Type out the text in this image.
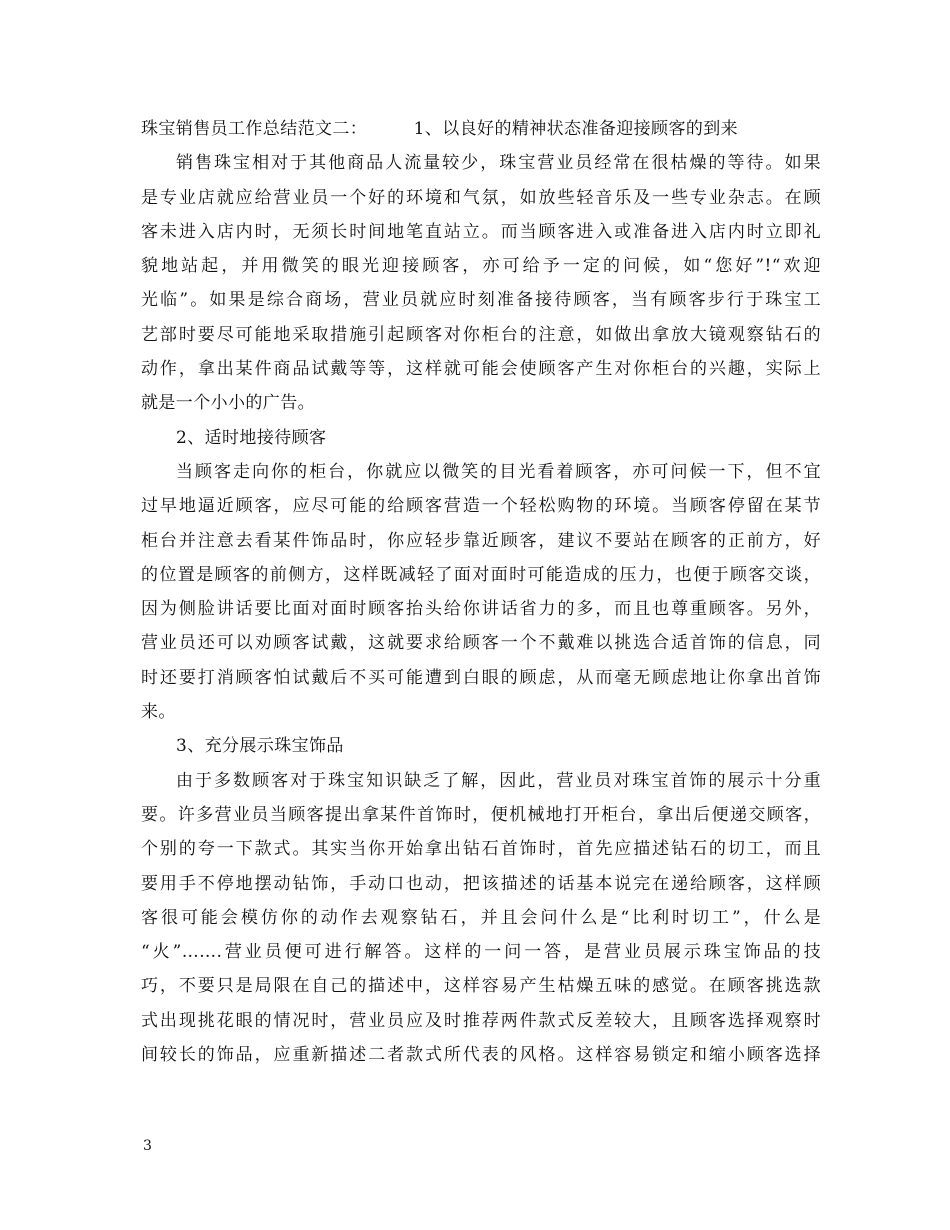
珠宝销售员工作总结范文二：        1、以良好的精神状态准备迎接顾客的到来
销售珠宝相对于其他商品人流量较少，珠宝营业员经常在很枯燥的等待。如果
是专业店就应给营业员一个好的环境和气氛，如放些轻音乐及一些专业杂志。在顾
客未进入店内时，无须长时间地笔直站立。而当顾客进入或准备进入店内时立即礼
貌地站起，并用微笑的眼光迎接顾客，亦可给予一定的问候，如“您好”!“欢迎
光临”。如果是综合商场，营业员就应时刻准备接待顾客，当有顾客步行于珠宝工
艺部时要尽可能地采取措施引起顾客对你柜台的注意，如做出拿放大镜观察钻石的
动作，拿出某件商品试戴等等，这样就可能会使顾客产生对你柜台的兴趣，实际上
就是一个小小的广告。
2、适时地接待顾客
当顾客走向你的柜台，你就应以微笑的目光看着顾客，亦可问候一下，但不宜
过早地逼近顾客，应尽可能的给顾客营造一个轻松购物的环境。当顾客停留在某节
柜台并注意去看某件饰品时，你应轻步靠近顾客，建议不要站在顾客的正前方，好
的位置是顾客的前侧方，这样既减轻了面对面时可能造成的压力，也便于顾客交谈，
因为侧脸讲话要比面对面时顾客抬头给你讲话省力的多，而且也尊重顾客。另外，
营业员还可以劝顾客试戴，这就要求给顾客一个不戴难以挑选合适首饰的信息，同
时还要打消顾客怕试戴后不买可能遭到白眼的顾虑，从而毫无顾虑地让你拿出首饰
来。
3、充分展示珠宝饰品
由于多数顾客对于珠宝知识缺乏了解，因此，营业员对珠宝首饰的展示十分重
要。许多营业员当顾客提出拿某件首饰时，便机械地打开柜台，拿出后便递交顾客，
个别的夸一下款式。其实当你开始拿出钻石首饰时，首先应描述钻石的切工，而且
要用手不停地摆动钻饰，手动口也动，把该描述的话基本说完在递给顾客，这样顾
客很可能会模仿你的动作去观察钻石，并且会问什么是“比利时切工”，什么是
“火”…….营业员便可进行解答。这样的一问一答，是营业员展示珠宝饰品的技
巧，不要只是局限在自己的描述中，这样容易产生枯燥五味的感觉。在顾客挑选款
式出现挑花眼的情况时，营业员应及时推荐两件款式反差较大，且顾客选择观察时
间较长的饰品，应重新描述二者款式所代表的风格。这样容易锁定和缩小顾客选择
3
